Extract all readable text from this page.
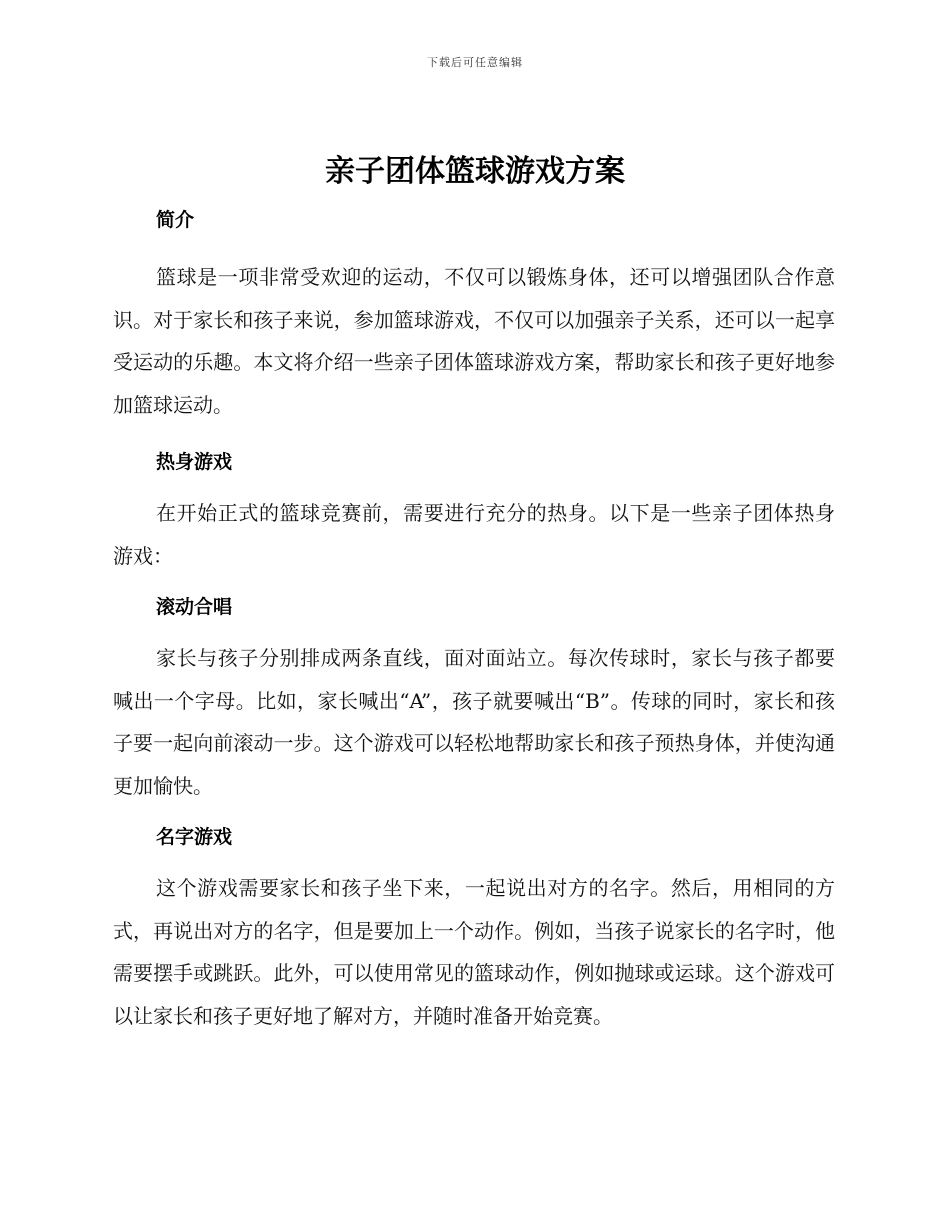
下载后可任意编辑
亲子团体篮球游戏方案
简介

篮球是一项非常受欢迎的运动，不仅可以锻炼身体，还可以增强团队合作意识。对于家长和孩子来说，参加篮球游戏，不仅可以加强亲子关系，还可以一起享受运动的乐趣。本文将介绍一些亲子团体篮球游戏方案，帮助家长和孩子更好地参加篮球运动。

热身游戏

在开始正式的篮球竞赛前，需要进行充分的热身。以下是一些亲子团体热身游戏：

滚动合唱

家长与孩子分别排成两条直线，面对面站立。每次传球时，家长与孩子都要喊出一个字母。比如，家长喊出“A”，孩子就要喊出“B”。传球的同时，家长和孩子要一起向前滚动一步。这个游戏可以轻松地帮助家长和孩子预热身体，并使沟通更加愉快。

名字游戏

这个游戏需要家长和孩子坐下来，一起说出对方的名字。然后，用相同的方式，再说出对方的名字，但是要加上一个动作。例如，当孩子说家长的名字时，他需要摆手或跳跃。此外，可以使用常见的篮球动作，例如抛球或运球。这个游戏可以让家长和孩子更好地了解对方，并随时准备开始竞赛。
